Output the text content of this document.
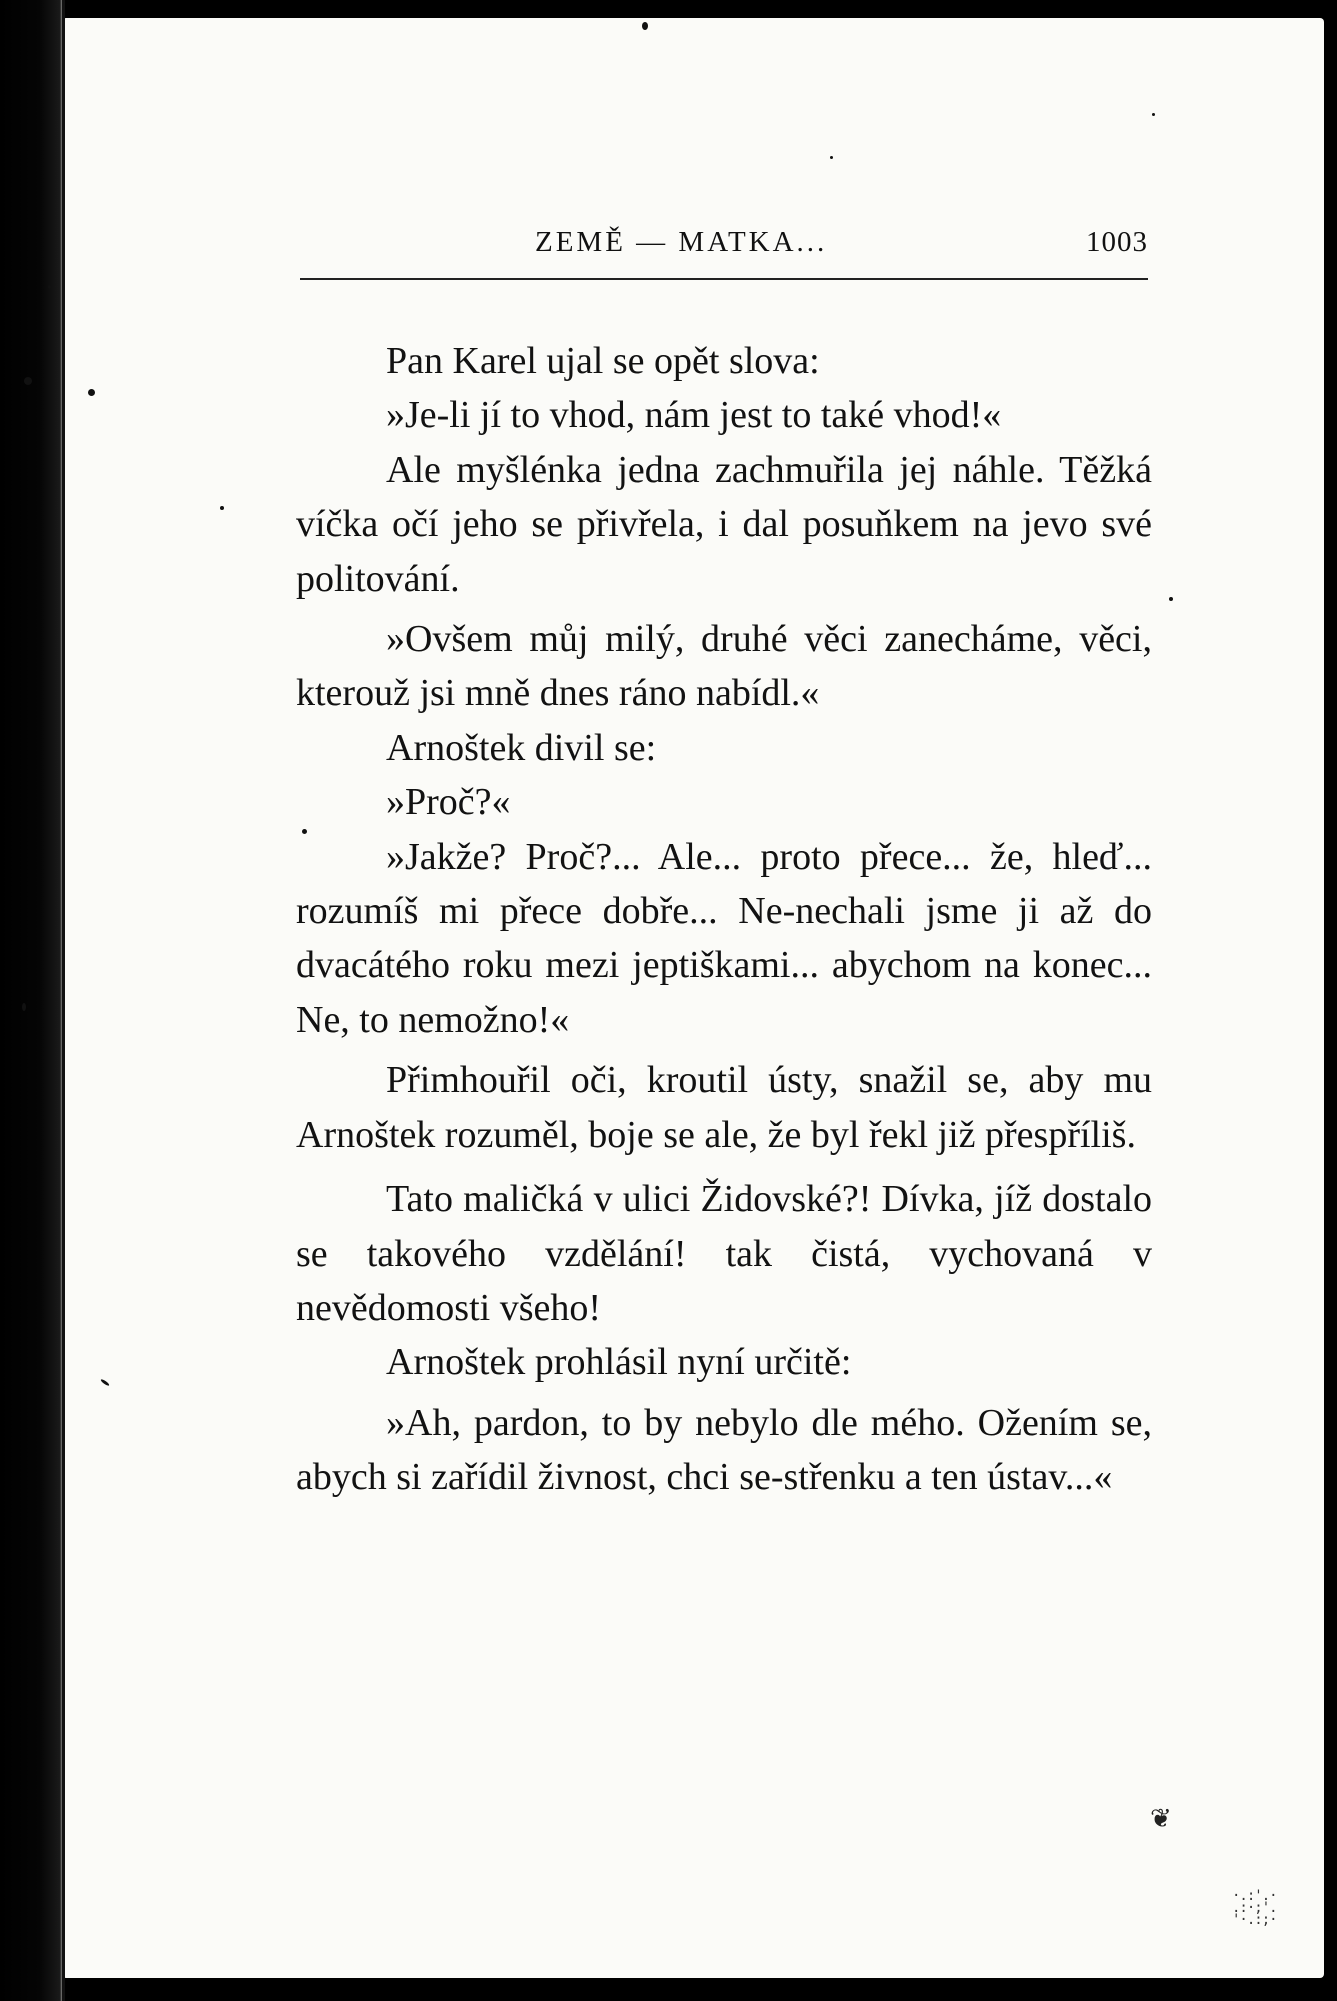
ZEMĚ — MATKA...	1003

Pan Karel ujal se opět slova:

»Je-li jí to vhod, nám jest to také vhod!«

Ale myšlénka jedna zachmuřila jej náhle. Těžká víčka očí jeho se přivřela, i dal posuňkem na jevo své politování.

»Ovšem můj milý, druhé věci zanecháme, věci, kterouž jsi mně dnes ráno nabídl.«

Arnoštek divil se:

»Proč?«

»Jakže? Proč?... Ale... proto přece... že, hleď... rozumíš mi přece dobře... Ne-nechali jsme ji až do dvacátého roku mezi jeptiškami... abychom na konec... Ne, to nemožno!«

Přimhouřil oči, kroutil ústy, snažil se, aby mu Arnoštek rozuměl, boje se ale, že byl řekl již přespříliš.

Tato maličká v ulici Židovské?! Dívka, jíž dostalo se takového vzdělání! tak čistá, vychovaná v nevědomosti všeho!

Arnoštek prohlásil nyní určitě:

»Ah, pardon, to by nebylo dle mého. Ožením se, abych si zařídil živnost, chci se-střenku a ten ústav...«

❦
·.:'.·
.:·;'.
'·.:;·
